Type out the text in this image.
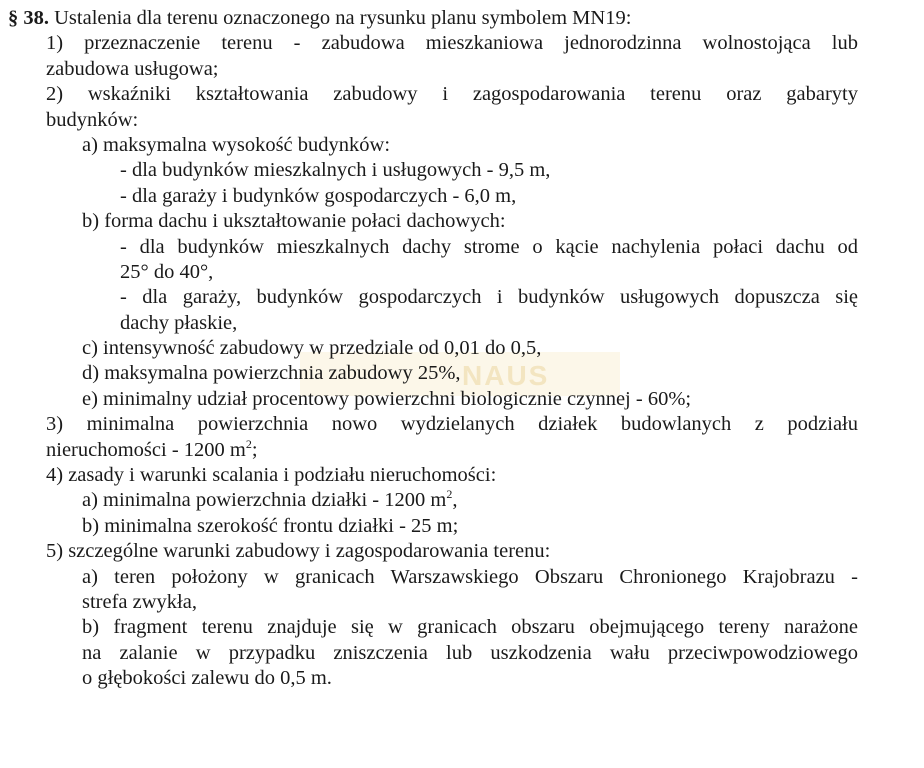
NAUS
§ 38. Ustalenia dla terenu oznaczonego na rysunku planu symbolem MN19:
1) przeznaczenie terenu - zabudowa mieszkaniowa jednorodzinna wolnostojąca lub
zabudowa usługowa;
2) wskaźniki kształtowania zabudowy i zagospodarowania terenu oraz gabaryty
budynków:
a) maksymalna wysokość budynków:
- dla budynków mieszkalnych i usługowych - 9,5 m,
- dla garaży i budynków gospodarczych - 6,0 m,
b) forma dachu i ukształtowanie połaci dachowych:
- dla budynków mieszkalnych dachy strome o kącie nachylenia połaci dachu od
25° do 40°,
- dla garaży, budynków gospodarczych i budynków usługowych dopuszcza się
dachy płaskie,
c) intensywność zabudowy w przedziale od 0,01 do 0,5,
d) maksymalna powierzchnia zabudowy 25%,
e) minimalny udział procentowy powierzchni biologicznie czynnej - 60%;
3) minimalna powierzchnia nowo wydzielanych działek budowlanych z podziału
nieruchomości - 1200 $m^2$;
4) zasady i warunki scalania i podziału nieruchomości:
a) minimalna powierzchnia działki - 1200 $m^2$,
b) minimalna szerokość frontu działki - 25 m;
5) szczególne warunki zabudowy i zagospodarowania terenu:
a) teren położony w granicach Warszawskiego Obszaru Chronionego Krajobrazu -
strefa zwykła,
b) fragment terenu znajduje się w granicach obszaru obejmującego tereny narażone
na zalanie w przypadku zniszczenia lub uszkodzenia wału przeciwpowodziowego
o głębokości zalewu do 0,5 m.
